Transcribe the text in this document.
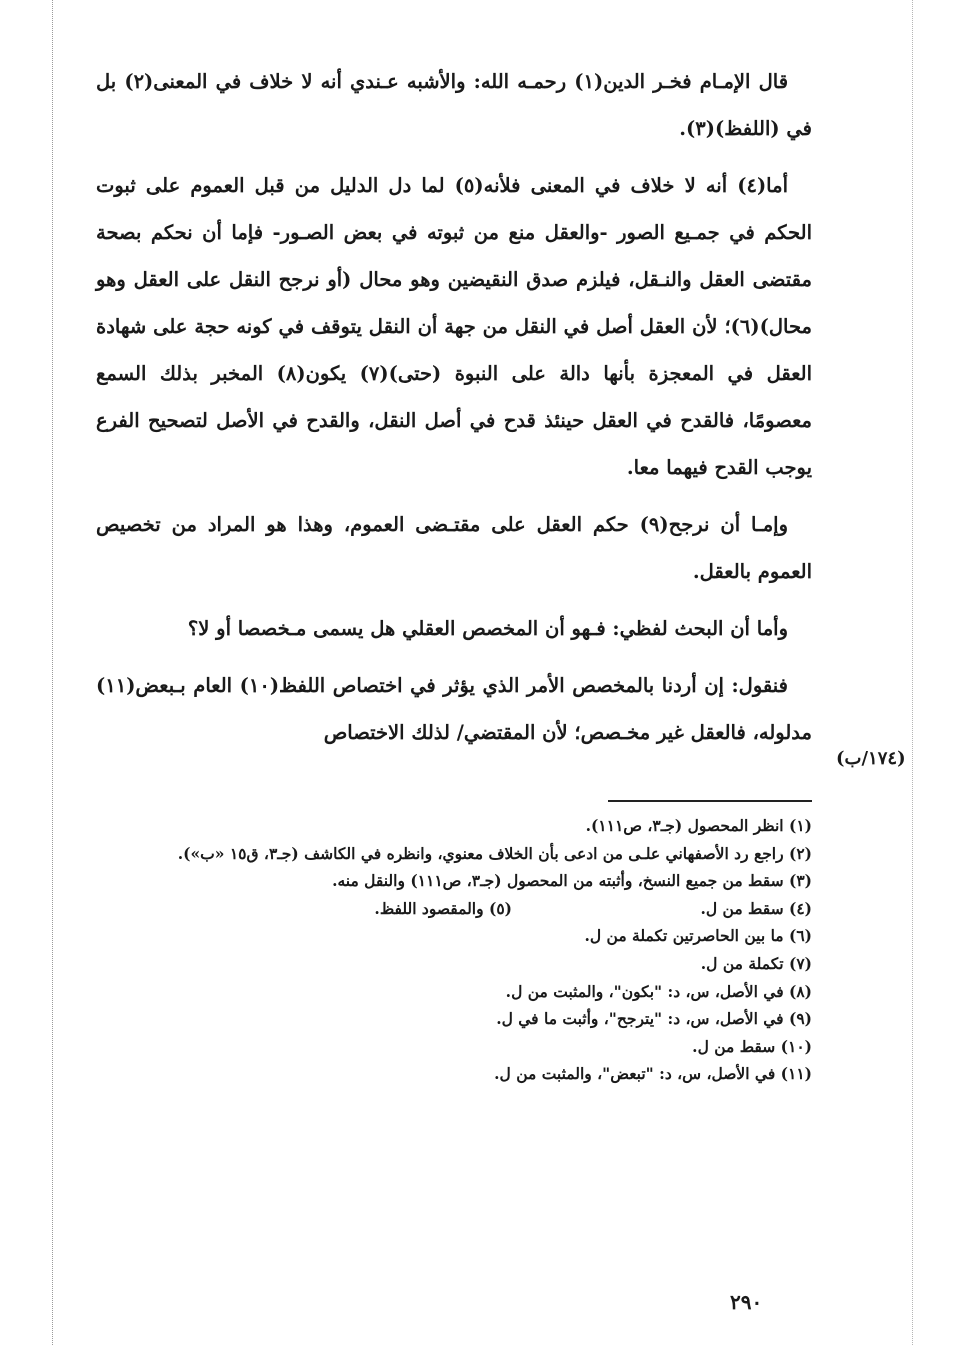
قال الإمـام فخـر الدين(١) رحمـه الله: والأشبه عـندي أنه لا خلاف في المعنى(٢) بل في (اللفظ)(٣).

أما(٤) أنه لا خلاف في المعنى فلأنه(٥) لما دل الدليل من قبل العموم على ثبوت الحكم في جمـيع الصور -والعقل منع من ثبوته في بعض الصـور- فإما أن نحكم بصحة مقتضى العقل والنـقل، فيلزم صدق النقيضين وهو محال (أو نرجح النقل على العقل وهو محال)(٦)؛ لأن العقل أصل في النقل من جهة أن النقل يتوقف في كونه حجة على شهادة العقل في المعجزة بأنها دالة على النبوة (حتى)(٧) يكون(٨) المخبر بذلك السمع معصومًا، فالقدح في العقل حينئذ قدح في أصل النقل، والقدح في الأصل لتصحيح الفرع يوجب القدح فيهما معا.

وإمـا أن نرجح(٩) حكم العقل على مقتـضى العموم، وهذا هو المراد من تخصيص العموم بالعقل.

وأما أن البحث لفظي: فـهو أن المخصص العقلي هل يسمى مـخصصا أو لا؟

فنقول: إن أردنا بالمخصص الأمر الذي يؤثر في اختصاص اللفظ(١٠) العام بـبعض(١١) مدلوله، فالعقل غير مخـصص؛ لأن المقتضي/ لذلك الاختصاص

(١٧٤/ب)

(١) انظر المحصول (جـ٣، ص١١١).

(٢) راجع رد الأصفهاني علـى من ادعى بأن الخلاف معنوي، وانظره في الكاشف (جـ٣، ق١٥ «ب»).

(٣) سقط من جميع النسخ، وأثبته من المحصول (جـ٣، ص١١١) والنقل منه.

(٤) سقط من ل.

(٥) والمقصود اللفظ.

(٦) ما بين الحاصرتين تكملة من ل.

(٧) تكملة من ل.

(٨) في الأصل، س، د: "بكون"، والمثبت من ل.

(٩) في الأصل، س، د: "يترجح"، وأثبت ما في ل.

(١٠) سقط من ل.

(١١) في الأصل، س، د: "تبعض"، والمثبت من ل.

٢٩٠
